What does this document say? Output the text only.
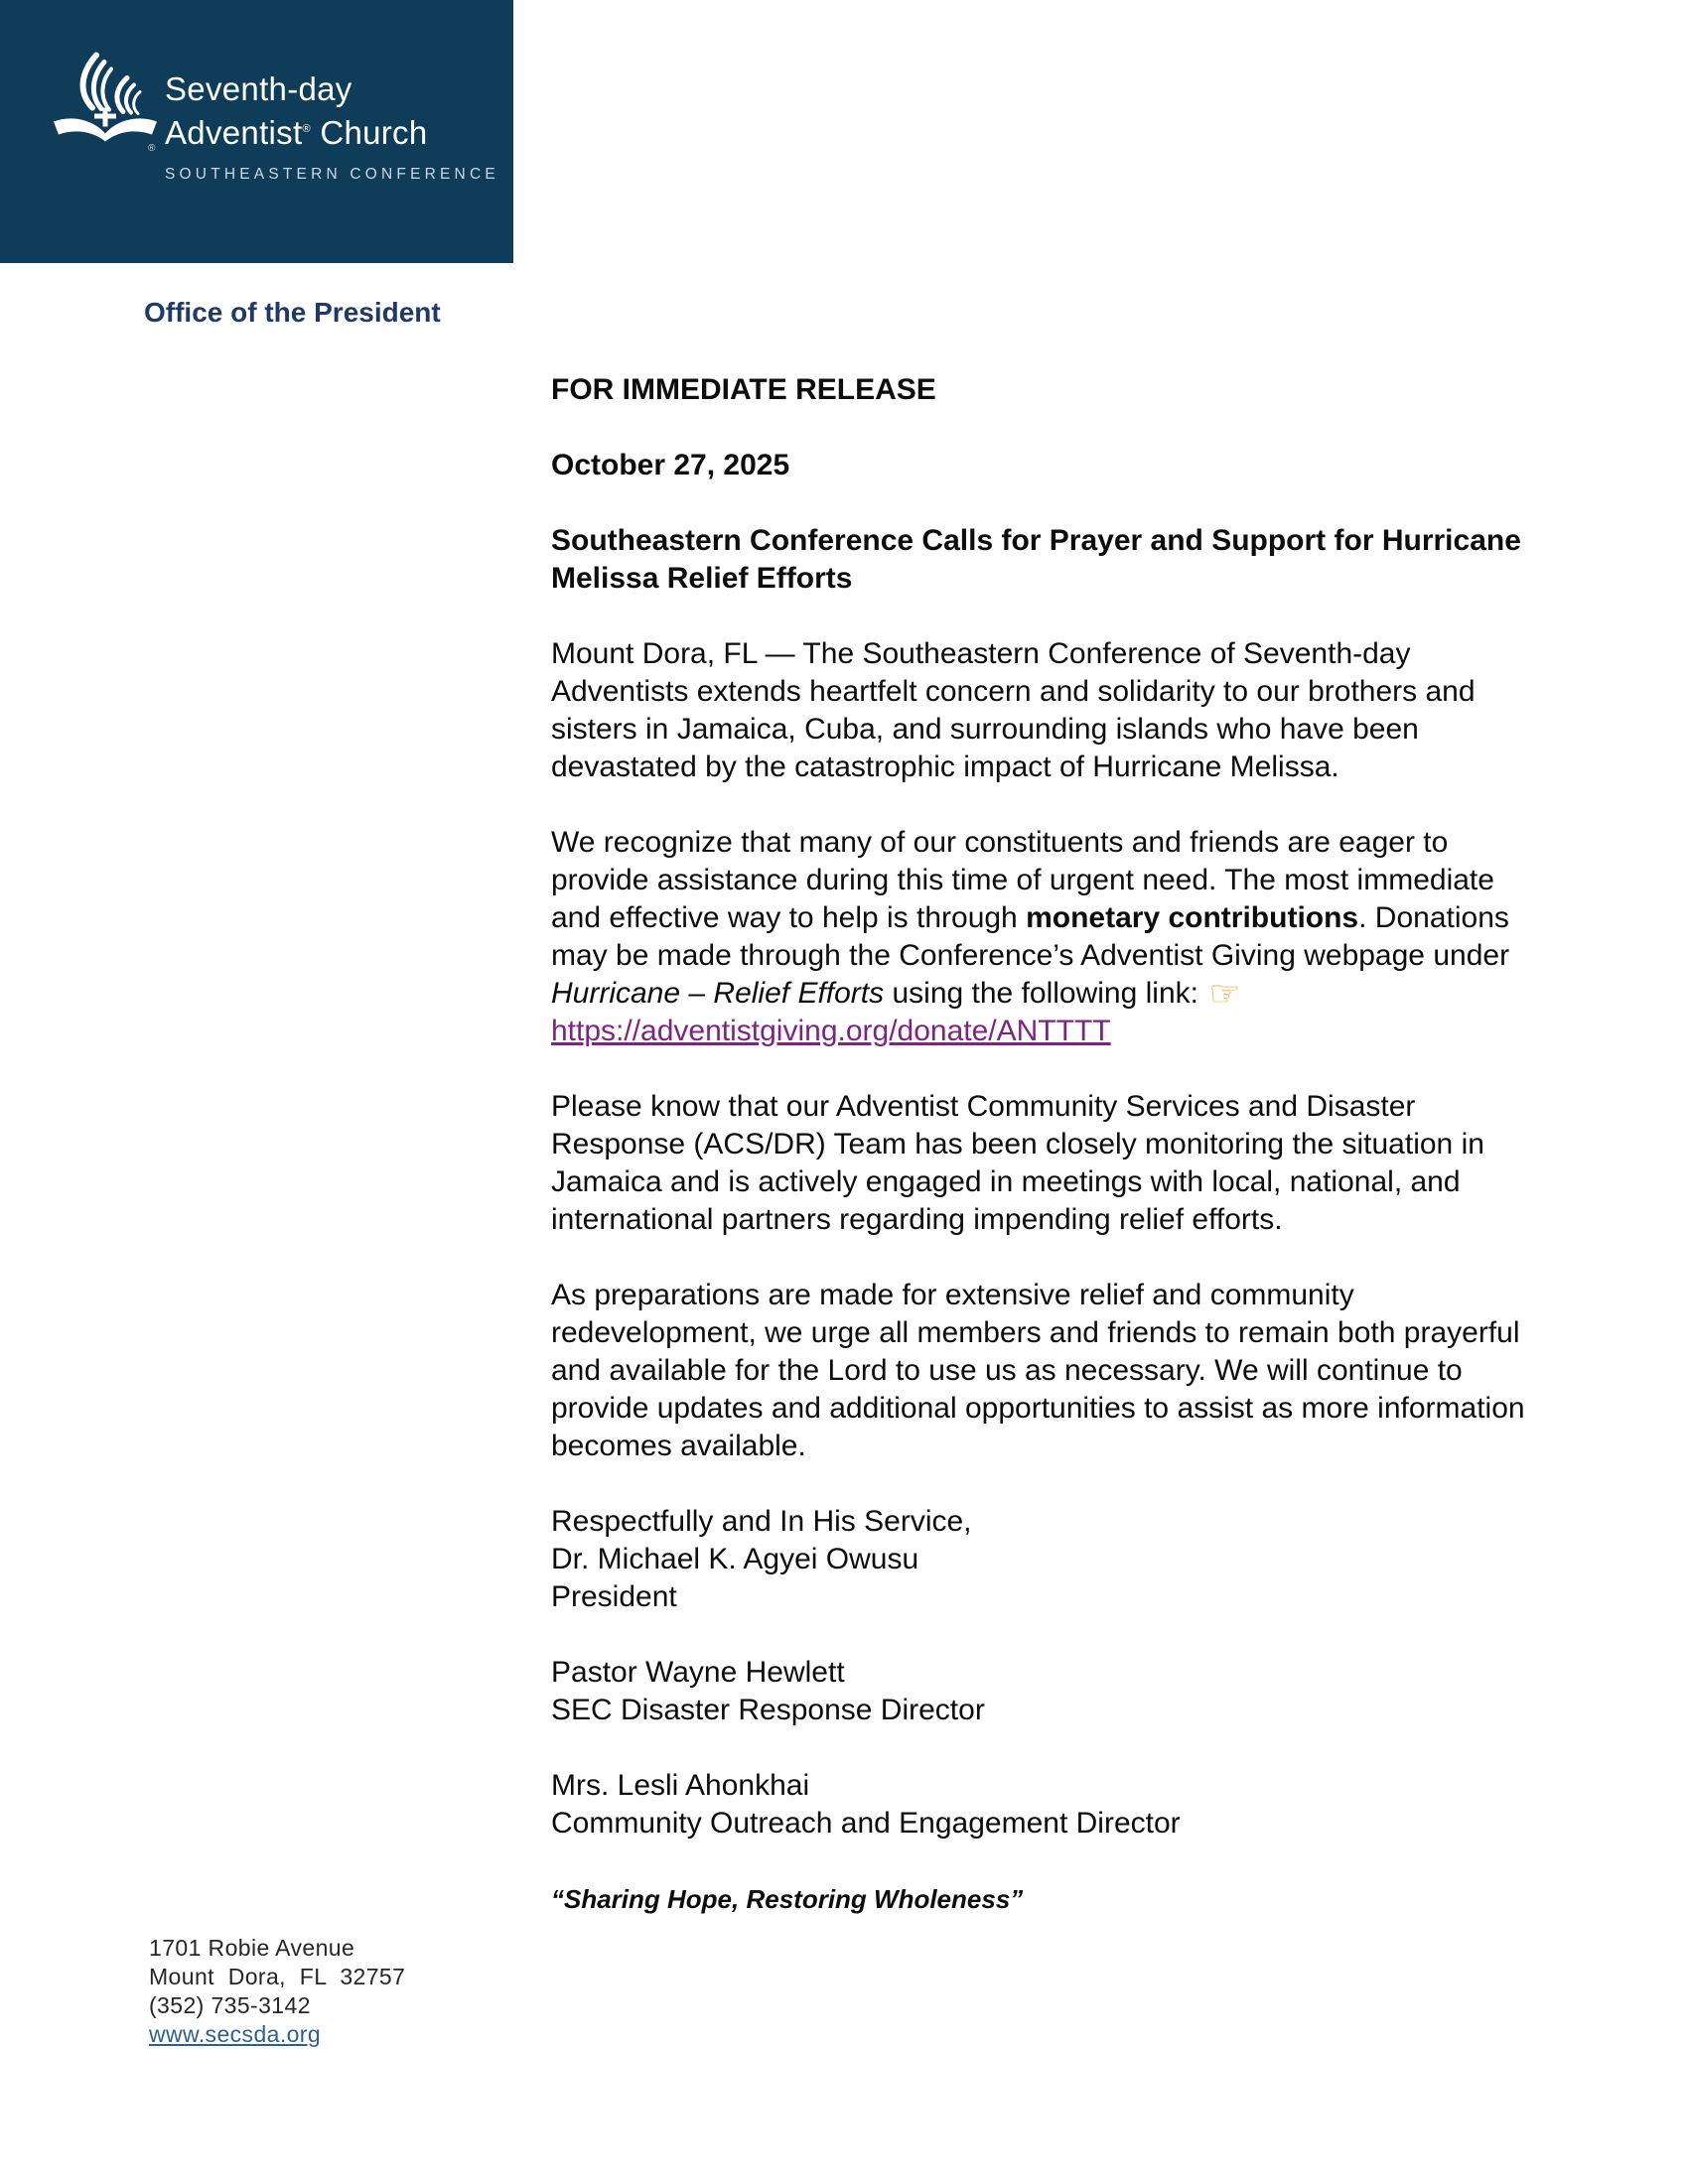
®
Seventh-day
Adventist® Church
SOUTHEASTERN CONFERENCE
Office of the President

FOR IMMEDIATE RELEASE

October 27, 2025

Southeastern Conference Calls for Prayer and Support for Hurricane
Melissa Relief Efforts

Mount Dora, FL — The Southeastern Conference of Seventh-day Adventists extends heartfelt concern and solidarity to our brothers and sisters in Jamaica, Cuba, and surrounding islands who have been devastated by the catastrophic impact of Hurricane Melissa.

We recognize that many of our constituents and friends are eager to provide assistance during this time of urgent need. The most immediate and effective way to help is through monetary contributions. Donations may be made through the Conference’s Adventist Giving webpage under Hurricane – Relief Efforts using the following link: ☞https://adventistgiving.org/donate/ANTTTT

Please know that our Adventist Community Services and Disaster Response (ACS/DR) Team has been closely monitoring the situation in Jamaica and is actively engaged in meetings with local, national, and international partners regarding impending relief efforts.

As preparations are made for extensive relief and community redevelopment, we urge all members and friends to remain both prayerful and available for the Lord to use us as necessary. We will continue to provide updates and additional opportunities to assist as more information becomes available.

Respectfully and In His Service,
Dr. Michael K. Agyei Owusu
President

Pastor Wayne Hewlett
SEC Disaster Response Director

Mrs. Lesli Ahonkhai
Community Outreach and Engagement Director

“Sharing Hope, Restoring Wholeness”

1701 Robie Avenue
Mount Dora, FL 32757
(352) 735-3142
www.secsda.org
